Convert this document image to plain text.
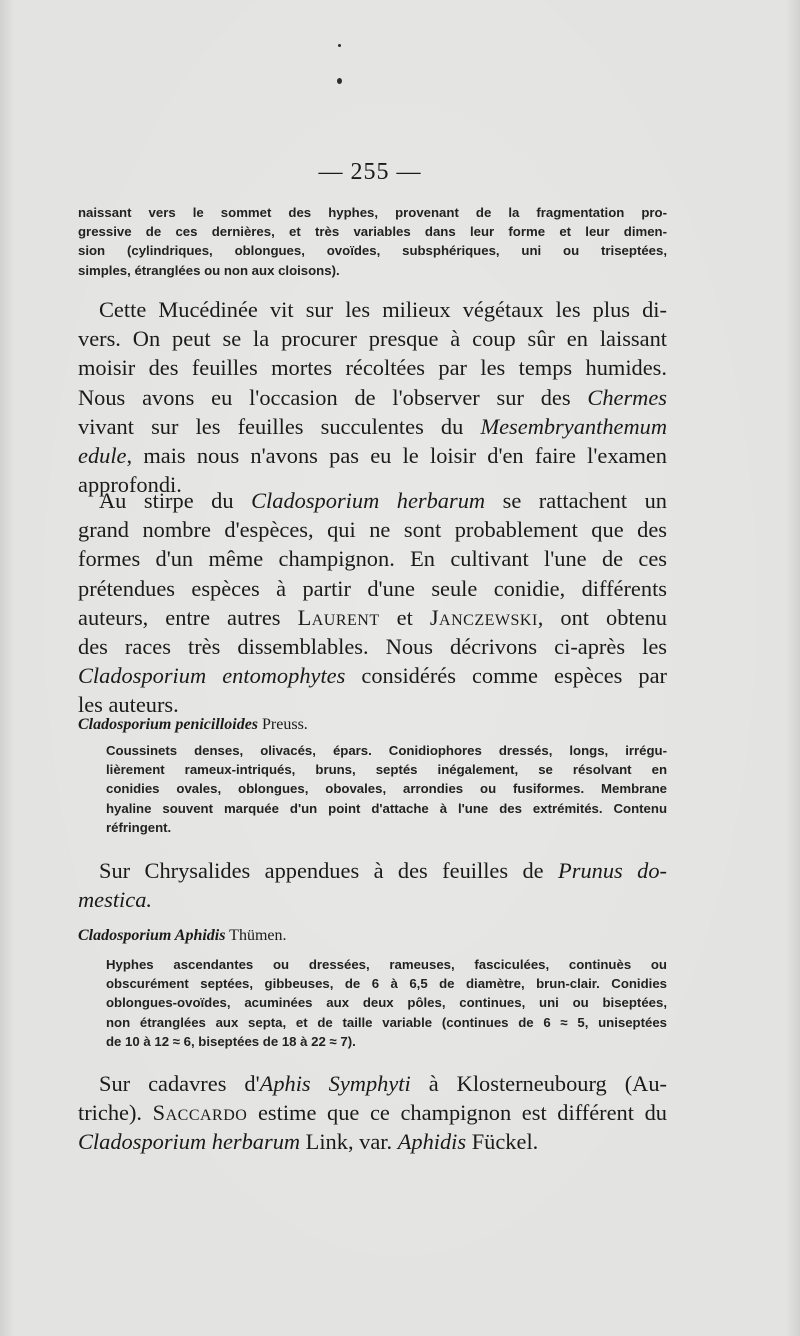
— 255 —

naissant vers le sommet des hyphes, provenant de la fragmentation pro-

gressive de ces dernières, et très variables dans leur forme et leur dimen-

sion (cylindriques, oblongues, ovoïdes, subsphériques, uni ou triseptées,

simples, étranglées ou non aux cloisons).

Cette Mucédinée vit sur les milieux végétaux les plus di-

vers. On peut se la procurer presque à coup sûr en laissant

moisir des feuilles mortes récoltées par les temps humides.

Nous avons eu l'occasion de l'observer sur des Chermes

vivant sur les feuilles succulentes du Mesembryanthemum

edule, mais nous n'avons pas eu le loisir d'en faire l'examen

approfondi.

Au stirpe du Cladosporium herbarum se rattachent un

grand nombre d'espèces, qui ne sont probablement que des

formes d'un même champignon. En cultivant l'une de ces

prétendues espèces à partir d'une seule conidie, différents

auteurs, entre autres Laurent et Janczewski, ont obtenu

des races très dissemblables. Nous décrivons ci-après les

Cladosporium entomophytes considérés comme espèces par

les auteurs.

Cladosporium penicilloides Preuss.

Coussinets denses, olivacés, épars. Conidiophores dressés, longs, irrégu-

lièrement rameux-intriqués, bruns, septés inégalement, se résolvant en

conidies ovales, oblongues, obovales, arrondies ou fusiformes. Membrane

hyaline souvent marquée d'un point d'attache à l'une des extrémités. Contenu

réfringent.

Sur Chrysalides appendues à des feuilles de Prunus do-

mestica.

Cladosporium Aphidis Thümen.

Hyphes ascendantes ou dressées, rameuses, fasciculées, continuès ou

obscurément septées, gibbeuses, de 6 à 6,5 de diamètre, brun-clair. Conidies

oblongues-ovoïdes, acuminées aux deux pôles, continues, uni ou biseptées,

non étranglées aux septa, et de taille variable (continues de 6 ≈ 5, uniseptées

de 10 à 12 ≈ 6, biseptées de 18 à 22 ≈ 7).

Sur cadavres d'Aphis Symphyti à Klosterneubourg (Au-

triche). Saccardo estime que ce champignon est différent du

Cladosporium herbarum Link, var. Aphidis Fückel.
